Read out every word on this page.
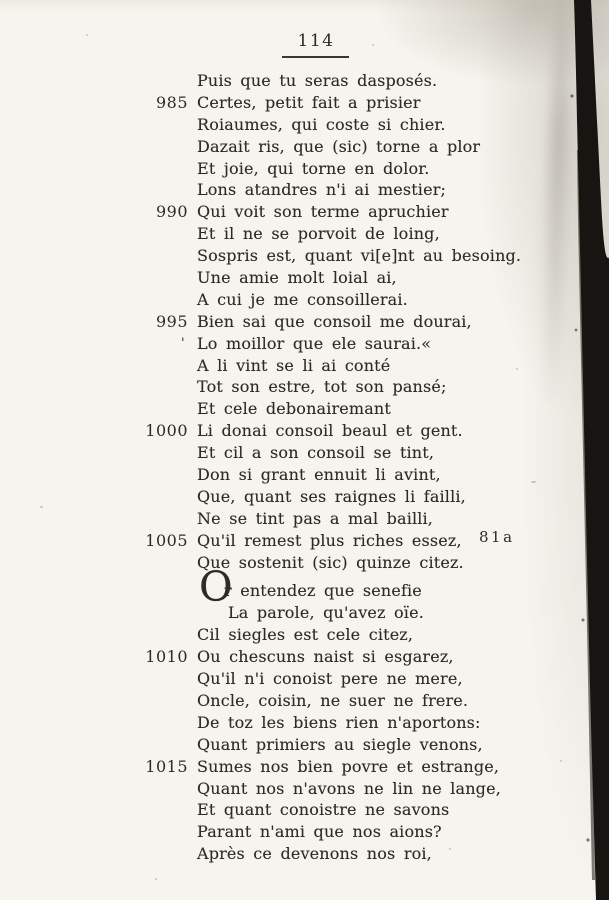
114
Puis que tu seras dasposés.
985 Certes, petit fait a prisier
Roiaumes, qui coste si chier.
Dazait ris, que (sic) torne a plor
Et joie, qui torne en dolor.
Lons atandres n'i ai mestier;
990 Qui voit son terme apruchier
Et il ne se porvoit de loing,
Sospris est, quant vi[e]nt au besoing.
Une amie molt loial ai,
A cui je me consoillerai.
995 Bien sai que consoil me dourai,
Lo moillor que ele saurai.«
'
A li vint se li ai conté
Tot son estre, tot son pansé;
Et cele debonairemant
1000 Li donai consoil beaul et gent.
Et cil a son consoil se tint,
Don si grant ennuit li avint,
Que, quant ses raignes li failli,
Ne se tint pas a mal bailli,
1005 Qu'il remest plus riches essez,
Que sostenit (sic) quinze citez.
r entendez que senefie
La parole, qu'avez oïe.
Cil siegles est cele citez,
1010 Ou chescuns naist si esgarez,
Qu'il n'i conoist pere ne mere,
Oncle, coisin, ne suer ne frere.
De toz les biens rien n'aportons:
Quant primiers au siegle venons,
1015 Sumes nos bien povre et estrange,
Quant nos n'avons ne lin ne lange,
Et quant conoistre ne savons
Parant n'ami que nos aions?
Après ce devenons nos roi,
O
81a
